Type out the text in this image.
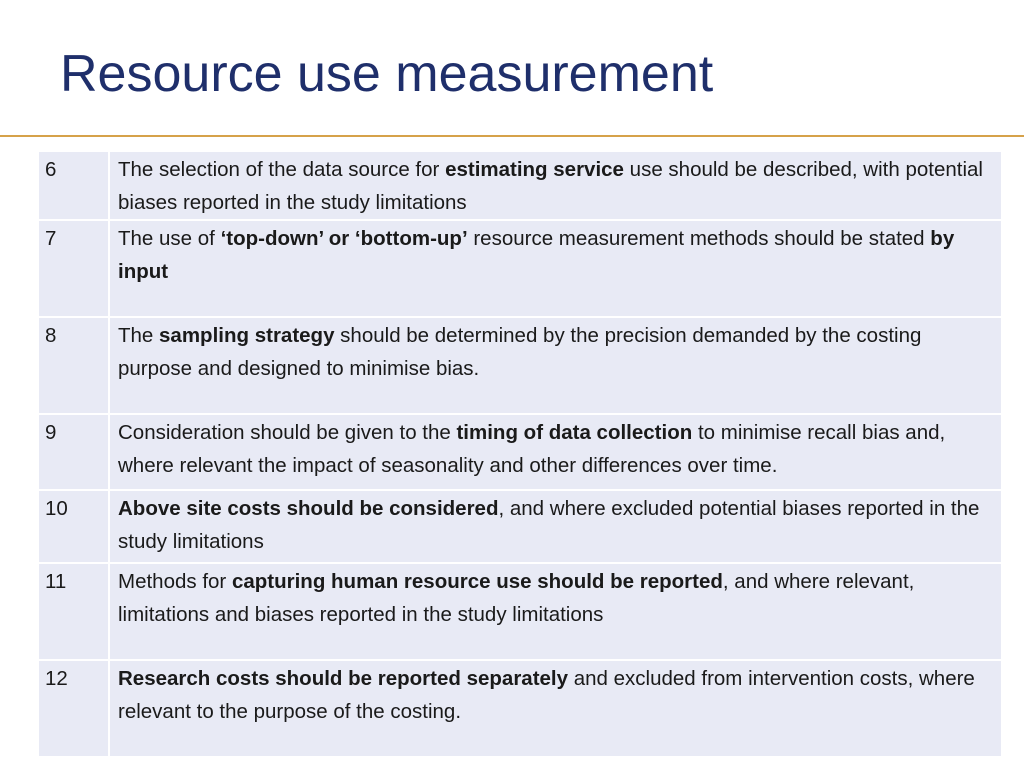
Resource use measurement
6	The selection of the data source for estimating service use should be described, with potential biases reported in the study limitations

7	The use of ‘top-down’ or ‘bottom-up’ resource measurement methods should be stated by input

8	The sampling strategy should be determined by the precision demanded by the costing purpose and designed to minimise bias.

9	Consideration should be given to the timing of data collection to minimise recall bias and, where relevant the impact of seasonality and other differences over time.

10	Above site costs should be considered, and where excluded potential biases reported in the study limitations

11	Methods for capturing human resource use should be reported, and where relevant, limitations and biases reported in the study limitations

12	Research costs should be reported separately and excluded from intervention costs, where relevant to the purpose of the costing.
